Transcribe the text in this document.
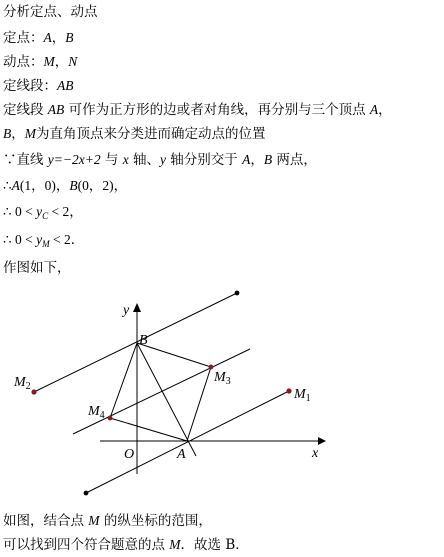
分析定点、动点
定点：A，B
动点：M，N
定线段：AB
定线段 AB 可作为正方形的边或者对角线，再分别与三个顶点 A，
B，M为直角顶点来分类进而确定动点的位置
∵直线 y=−2x+2 与 x 轴、y 轴分别交于 A，B 两点，
∴A(1，0)，B(0，2)，
∴ $0 < y_C < 2$，
∴ $0 < y_M < 2$．
作图如下，
y
x
O	A
B
$M_1$
$M_2$
$M_3$
$M_4$
如图，结合点 M 的纵坐标的范围，
可以找到四个符合题意的点 M．故选 B．
